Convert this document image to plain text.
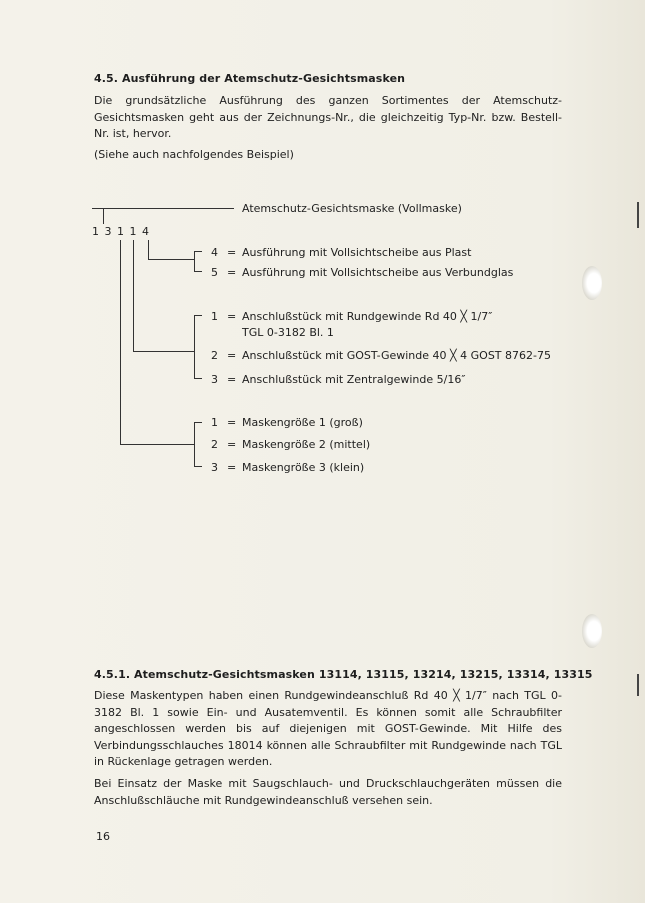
4.5. Ausführung der Atemschutz-Gesichtsmasken
Die grundsätzliche Ausführung des ganzen Sortimentes der Atemschutz-Gesichtsmasken geht aus der Zeichnungs-Nr., die gleichzeitig Typ-Nr. bzw. Bestell-Nr. ist, hervor.
(Siehe auch nachfolgendes Beispiel)
Atemschutz-Gesichtsmaske (Vollmaske)
1 3 1 1 4
4 = Ausführung mit Vollsichtscheibe aus Plast
5 = Ausführung mit Vollsichtscheibe aus Verbundglas
1 = Anschlußstück mit Rundgewinde Rd 40 ╳ 1/7″
TGL 0-3182 Bl. 1
2 = Anschlußstück mit GOST-Gewinde 40 ╳ 4 GOST 8762-75
3 = Anschlußstück mit Zentralgewinde 5/16″
1 = Maskengröße 1 (groß)
2 = Maskengröße 2 (mittel)
3 = Maskengröße 3 (klein)
4.5.1. Atemschutz-Gesichtsmasken 13114, 13115, 13214, 13215, 13314, 13315
Diese Maskentypen haben einen Rundgewindeanschluß Rd 40 ╳ 1/7″ nach TGL 0-3182 Bl. 1 sowie Ein- und Ausatemventil. Es können somit alle Schraubfilter angeschlossen werden bis auf diejenigen mit GOST-Gewinde. Mit Hilfe des Verbindungsschlauches 18014 können alle Schraubfilter mit Rundgewinde nach TGL in Rückenlage getragen werden.
Bei Einsatz der Maske mit Saugschlauch- und Druckschlauchgeräten müssen die Anschlußschläuche mit Rundgewindeanschluß versehen sein.
16
